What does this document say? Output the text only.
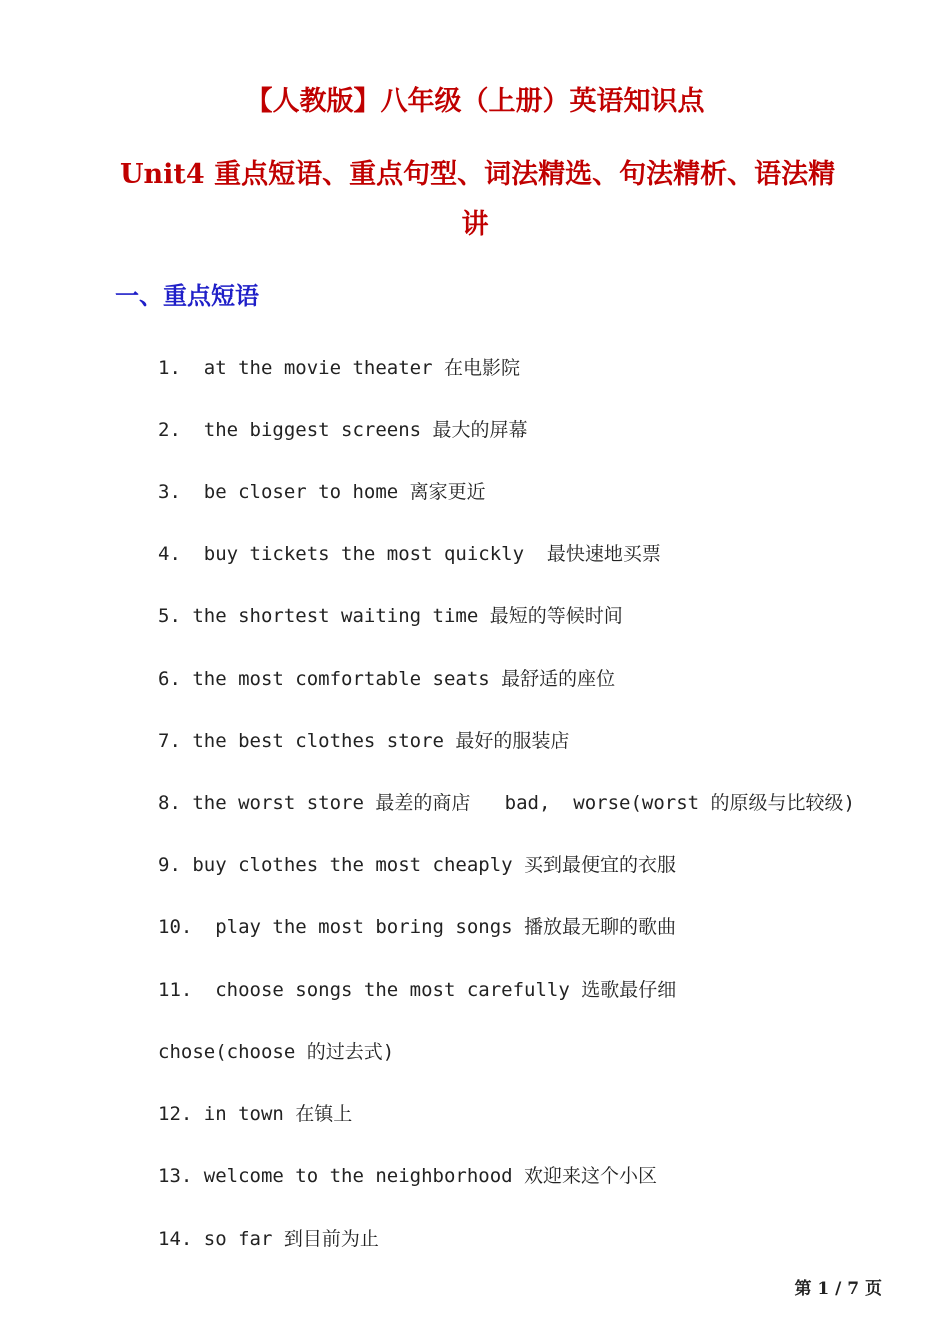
【人教版】八年级（上册）英语知识点
Unit4 重点短语、重点句型、词法精选、句法精析、语法精
讲
一、重点短语
1.  at the movie theater 在电影院
2.  the biggest screens 最大的屏幕
3.  be closer to home 离家更近
4.  buy tickets the most quickly  最快速地买票
5. the shortest waiting time 最短的等候时间
6. the most comfortable seats 最舒适的座位
7. the best clothes store 最好的服装店
8. the worst store 最差的商店   bad,  worse(worst 的原级与比较级)
9. buy clothes the most cheaply 买到最便宜的衣服
10.  play the most boring songs 播放最无聊的歌曲
11.  choose songs the most carefully 选歌最仔细
chose(choose 的过去式)
12. in town 在镇上
13. welcome to the neighborhood 欢迎来这个小区
14. so far 到目前为止
第 1 / 7 页
